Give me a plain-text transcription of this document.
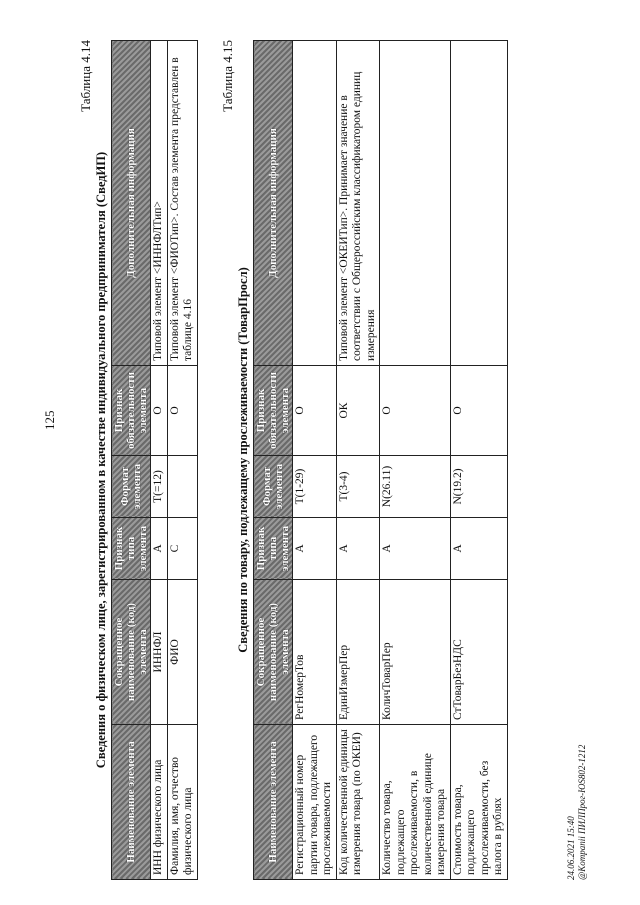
125

Таблица 4.14

Сведения о физическом лице, зарегистрированном в качестве индивидуального предпринимателя (СведИП)

Наименование элемента	Сокращенное наименование (код) элемента	Признак типа элемента	Формат элемента	Признак обязательности элемента	Дополнительная информация
ИНН физического лица	ИННФЛ	А	T(=12)	О	Типовой элемент <ИННФЛТип>
Фамилия, имя, отчество физического лица	ФИО	С		О	Типовой элемент <ФИОТип>. Состав элемента представлен в таблице 4.16

Таблица 4.15

Сведения по товару, подлежащему прослеживаемости (ТоварПросл)

Наименование элемента	Сокращенное наименование (код) элемента	Признак типа элемента	Формат элемента	Признак обязательности элемента	Дополнительная информация
Регистрационный номер партии товара, подлежащего прослеживаемости	РегНомерТов	А	T(1-29)	О	
Код количественной единицы измерения товара (по ОКЕИ)	ЕдинИзмерПер	А	T(3-4)	ОК	Типовой элемент <ОКЕИТип>. Принимает значение в соответствии с Общероссийским классификатором единиц измерения
Количество товара, подлежащего прослеживаемости, в количественной единице измерения товара	КоличТоварПер	А	N(26.11)	О	
Стоимость товара, подлежащего прослеживаемости, без налога в рублях	СтТоварБезНДС	А	N(19.2)	О	
24.06.2021 15:40 @Kompanii ПИЛПрог-ЮS802-1212
